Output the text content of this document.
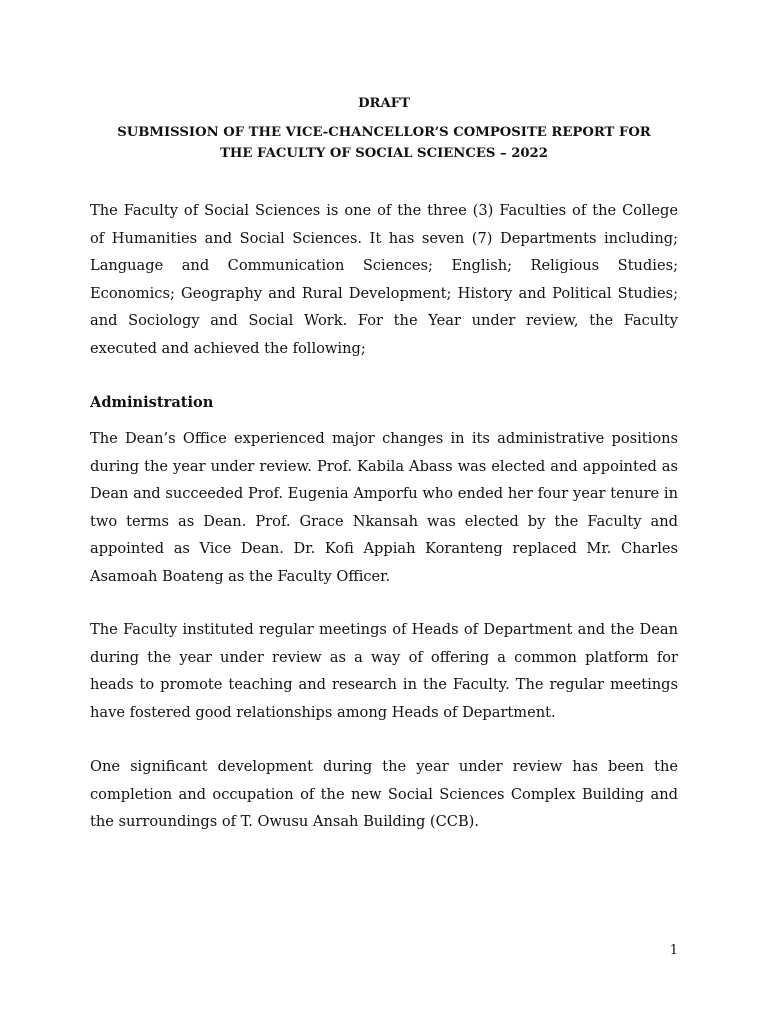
DRAFT

SUBMISSION OF THE VICE-CHANCELLOR’S COMPOSITE REPORT FOR
THE FACULTY OF SOCIAL SCIENCES – 2022

The Faculty of Social Sciences is one of the three (3) Faculties of the College of Humanities and Social Sciences. It has seven (7) Departments including; Language and Communication Sciences; English; Religious Studies; Economics; Geography and Rural Development; History and Political Studies; and Sociology and Social Work. For the Year under review, the Faculty executed and achieved the following;

Administration

The Dean’s Office experienced major changes in its administrative positions during the year under review. Prof. Kabila Abass was elected and appointed as Dean and succeeded Prof. Eugenia Amporfu who ended her four year tenure in two terms as Dean. Prof. Grace Nkansah was elected by the Faculty and appointed as Vice Dean. Dr. Kofi Appiah Koranteng replaced Mr. Charles Asamoah Boateng as the Faculty Officer.

The Faculty instituted regular meetings of Heads of Department and the Dean during the year under review as a way of offering a common platform for heads to promote teaching and research in the Faculty. The regular meetings have fostered good relationships among Heads of Department.

One significant development during the year under review has been the completion and occupation of the new Social Sciences Complex Building and the surroundings of T. Owusu Ansah Building (CCB).

1
